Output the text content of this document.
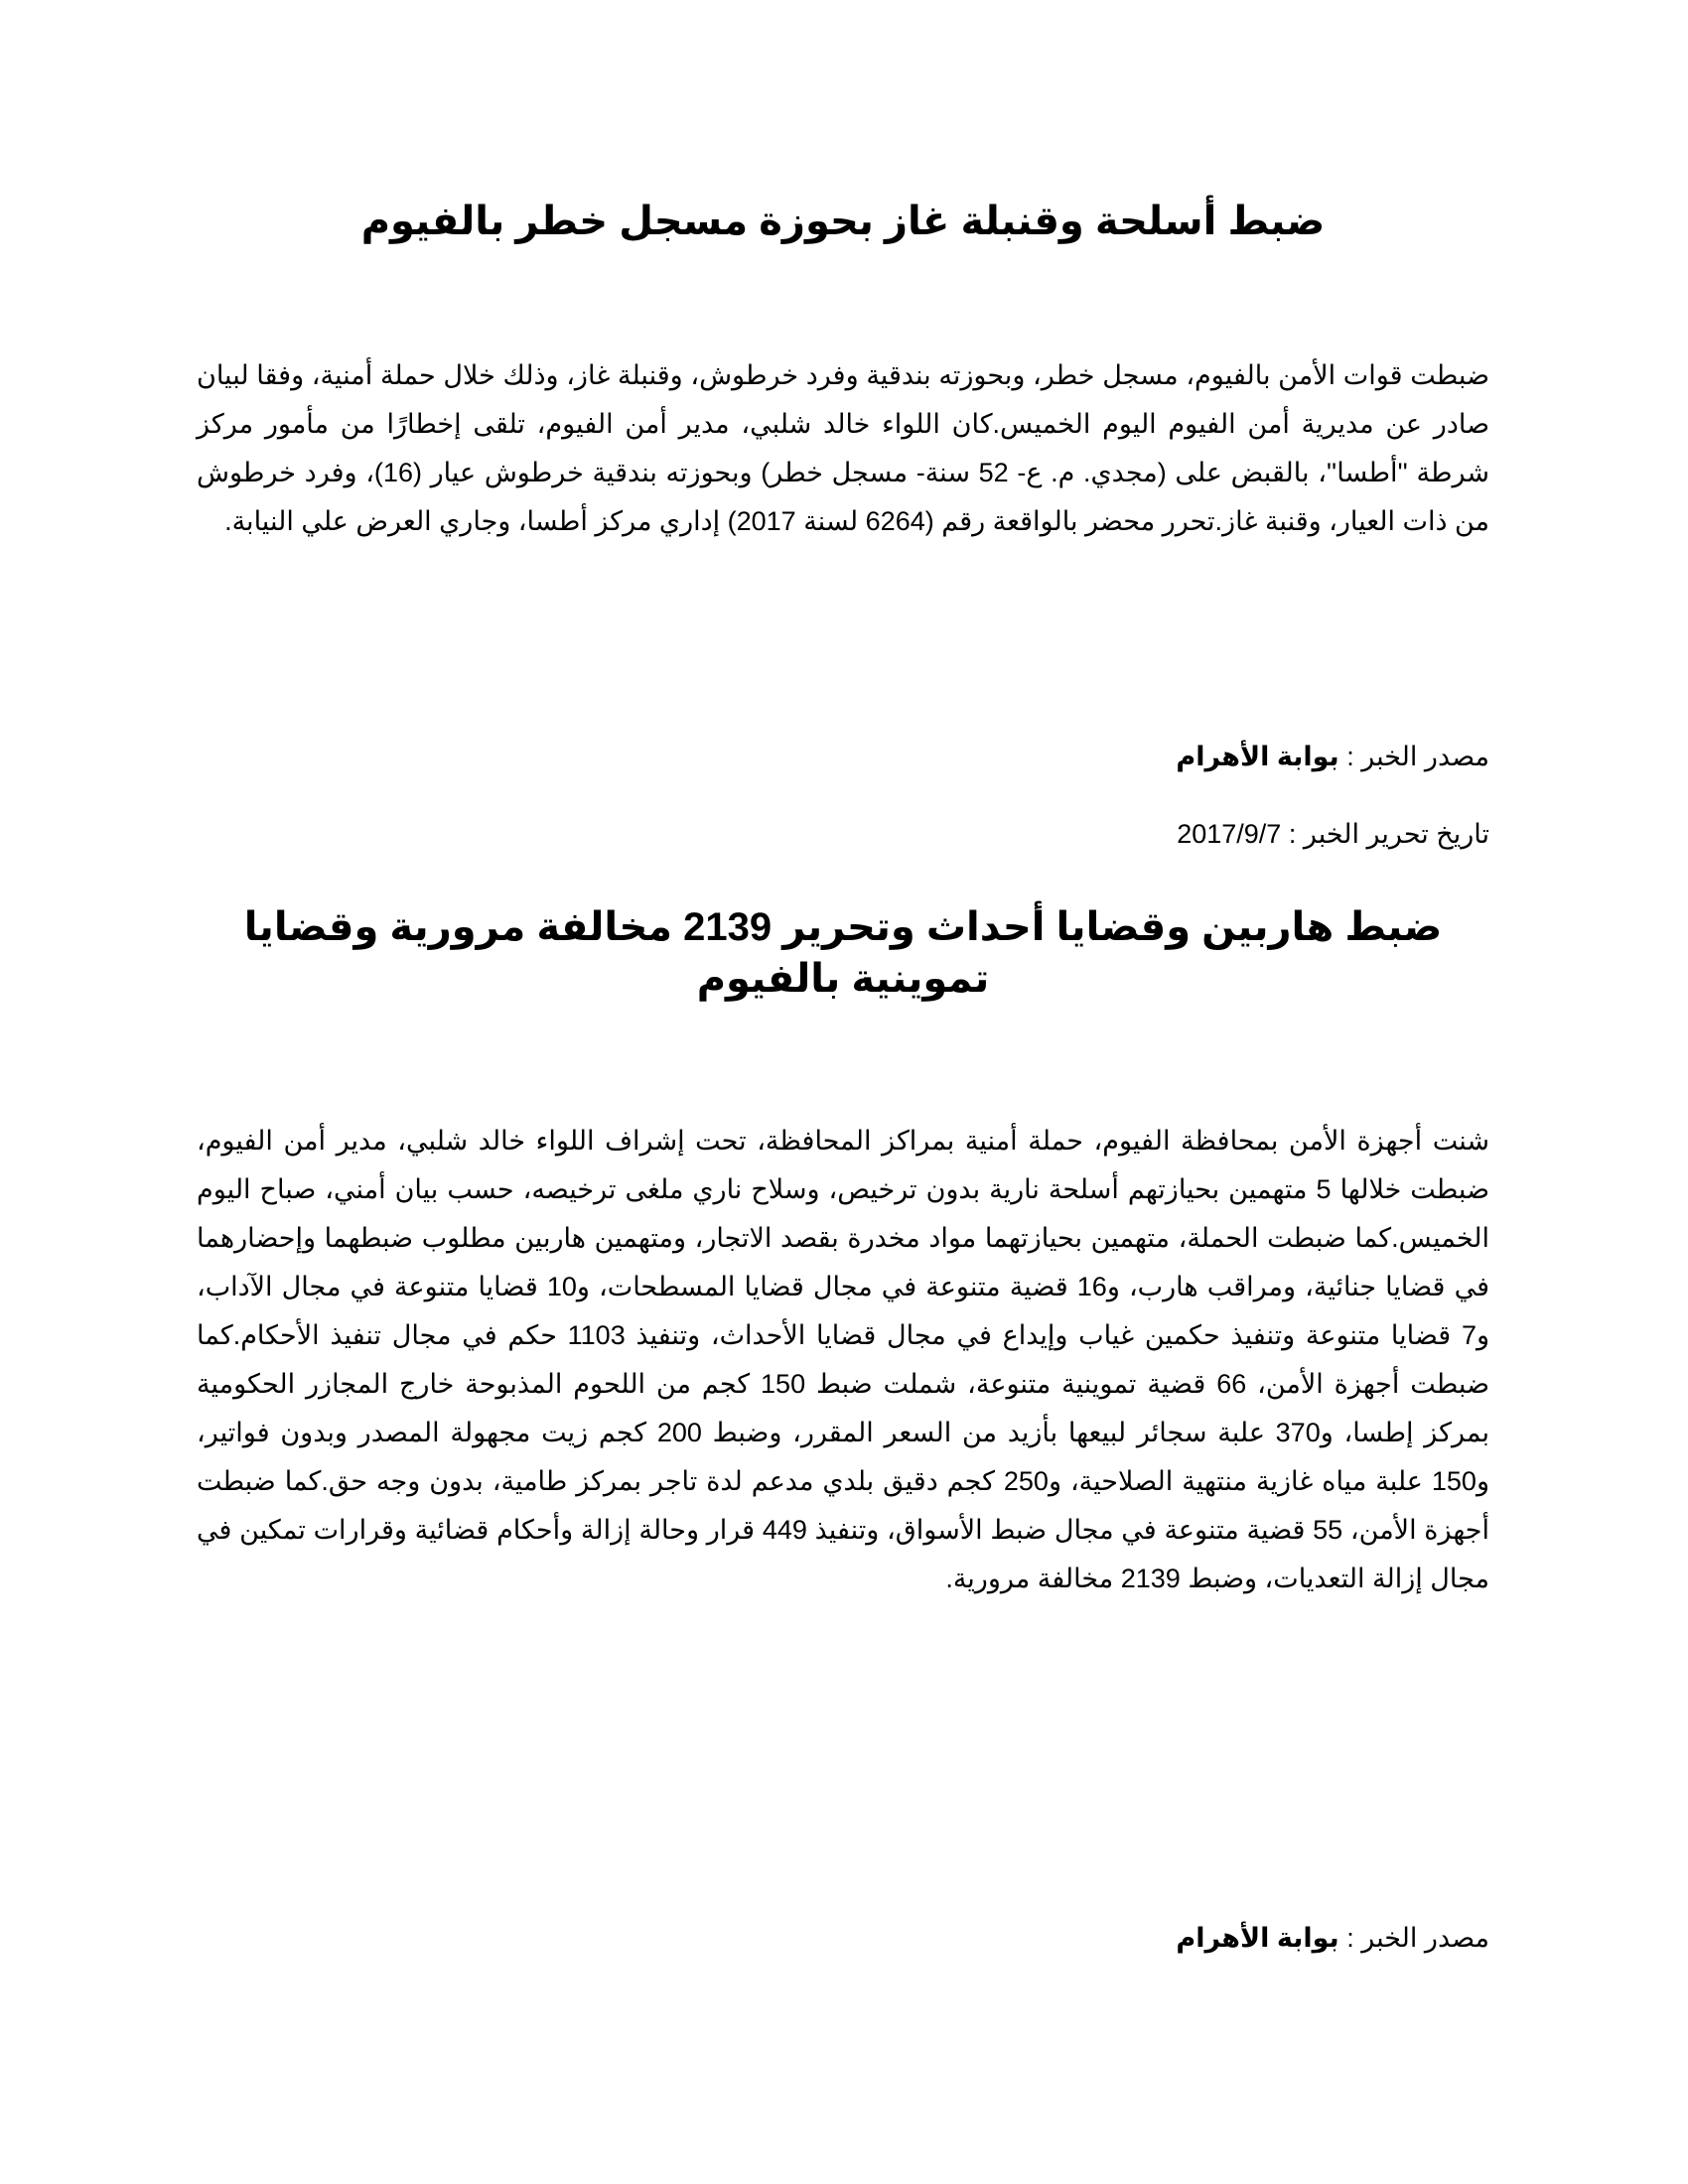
ضبط أسلحة وقنبلة غاز بحوزة مسجل خطر بالفيوم

ضبطت قوات الأمن بالفيوم، مسجل خطر، وبحوزته بندقية وفرد خرطوش، وقنبلة غاز، وذلك خلال حملة أمنية، وفقا لبيان صادر عن مديرية أمن الفيوم اليوم الخميس.كان اللواء خالد شلبي، مدير أمن الفيوم، تلقى إخطارًا من مأمور مركز شرطة ''أطسا''، بالقبض على (مجدي. م. ع- 52 سنة- مسجل خطر) وبحوزته بندقية خرطوش عيار (16)، وفرد خرطوش من ذات العيار، وقنبة غاز.تحرر محضر بالواقعة رقم (6264 لسنة 2017) إداري مركز أطسا، وجاري العرض علي النيابة.

مصدر الخبر : بوابة الأهرام

تاريخ تحرير الخبر : 2017/9/7

ضبط هاربين وقضايا أحداث وتحرير 2139 مخالفة مرورية وقضايا تموينية بالفيوم

شنت أجهزة الأمن بمحافظة الفيوم، حملة أمنية بمراكز المحافظة، تحت إشراف اللواء خالد شلبي، مدير أمن الفيوم، ضبطت خلالها 5 متهمين بحيازتهم أسلحة نارية بدون ترخيص، وسلاح ناري ملغى ترخيصه، حسب بيان أمني، صباح اليوم الخميس.كما ضبطت الحملة، متهمين بحيازتهما مواد مخدرة بقصد الاتجار، ومتهمين هاربين مطلوب ضبطهما وإحضارهما في قضايا جنائية، ومراقب هارب، و16 قضية متنوعة في مجال قضايا المسطحات، و10 قضايا متنوعة في مجال الآداب، و7 قضايا متنوعة وتنفيذ حكمين غياب وإيداع في مجال قضايا الأحداث، وتنفيذ 1103 حكم في مجال تنفيذ الأحكام.كما ضبطت أجهزة الأمن، 66 قضية تموينية متنوعة، شملت ضبط 150 كجم من اللحوم المذبوحة خارج المجازر الحكومية بمركز إطسا، و370 علبة سجائر لبيعها بأزيد من السعر المقرر، وضبط 200 كجم زيت مجهولة المصدر وبدون فواتير، و150 علبة مياه غازية منتهية الصلاحية، و250 كجم دقيق بلدي مدعم لدة تاجر بمركز طامية، بدون وجه حق.كما ضبطت أجهزة الأمن، 55 قضية متنوعة في مجال ضبط الأسواق، وتنفيذ 449 قرار وحالة إزالة وأحكام قضائية وقرارات تمكين في مجال إزالة التعديات، وضبط 2139 مخالفة مرورية.

مصدر الخبر : بوابة الأهرام
